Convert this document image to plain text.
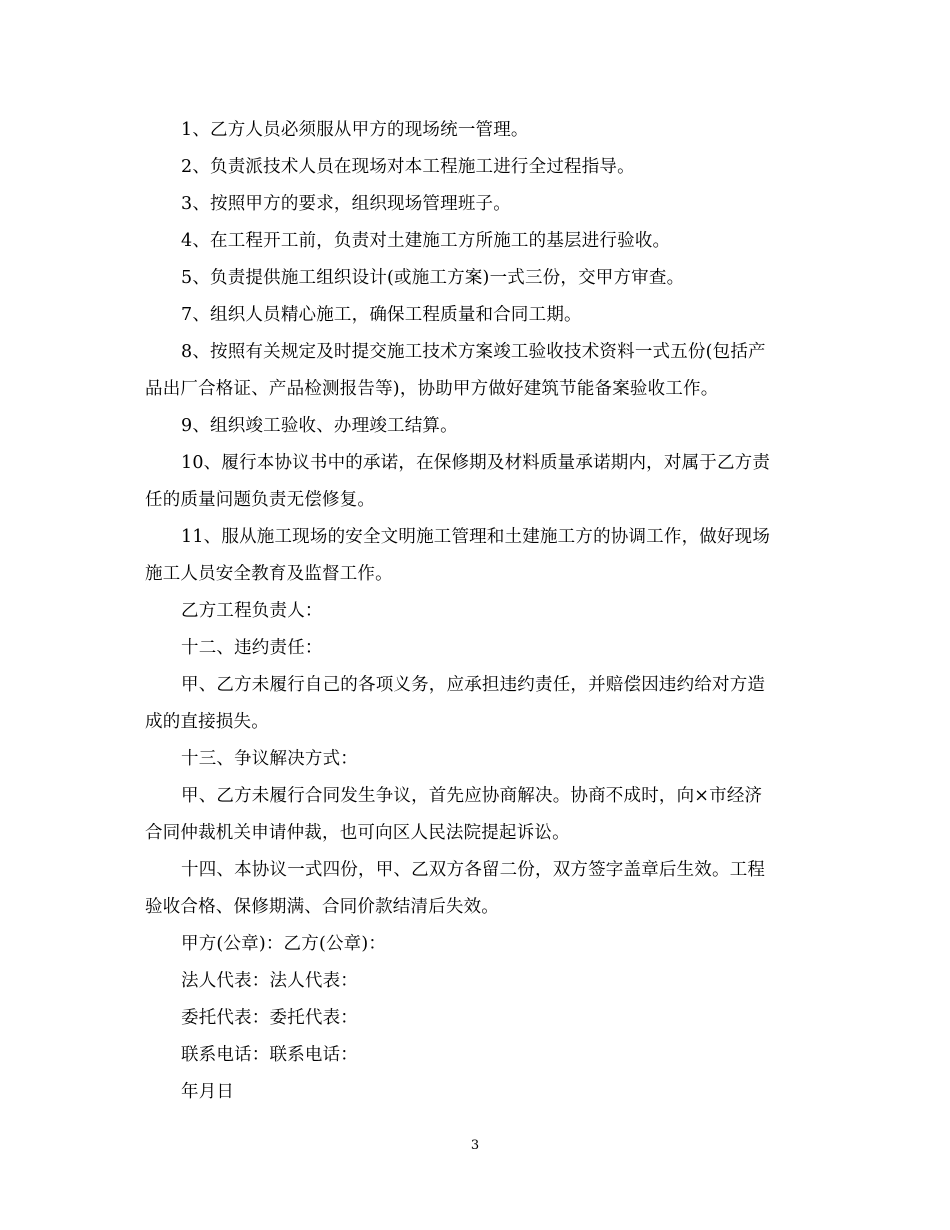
1、乙方人员必须服从甲方的现场统一管理。

2、负责派技术人员在现场对本工程施工进行全过程指导。

3、按照甲方的要求，组织现场管理班子。

4、在工程开工前，负责对土建施工方所施工的基层进行验收。

5、负责提供施工组织设计(或施工方案)一式三份，交甲方审查。

7、组织人员精心施工，确保工程质量和合同工期。

8、按照有关规定及时提交施工技术方案竣工验收技术资料一式五份(包括产
品出厂合格证、产品检测报告等)，协助甲方做好建筑节能备案验收工作。

9、组织竣工验收、办理竣工结算。

10、履行本协议书中的承诺，在保修期及材料质量承诺期内，对属于乙方责
任的质量问题负责无偿修复。

11、服从施工现场的安全文明施工管理和土建施工方的协调工作，做好现场
施工人员安全教育及监督工作。

乙方工程负责人：

十二、违约责任：

甲、乙方未履行自己的各项义务，应承担违约责任，并赔偿因违约给对方造
成的直接损失。

十三、争议解决方式：

甲、乙方未履行合同发生争议，首先应协商解决。协商不成时，向×市经济
合同仲裁机关申请仲裁，也可向区人民法院提起诉讼。

十四、本协议一式四份，甲、乙双方各留二份，双方签字盖章后生效。工程
验收合格、保修期满、合同价款结清后失效。

甲方(公章)：乙方(公章)：

法人代表：法人代表：

委托代表：委托代表：

联系电话：联系电话：

年月日

3
